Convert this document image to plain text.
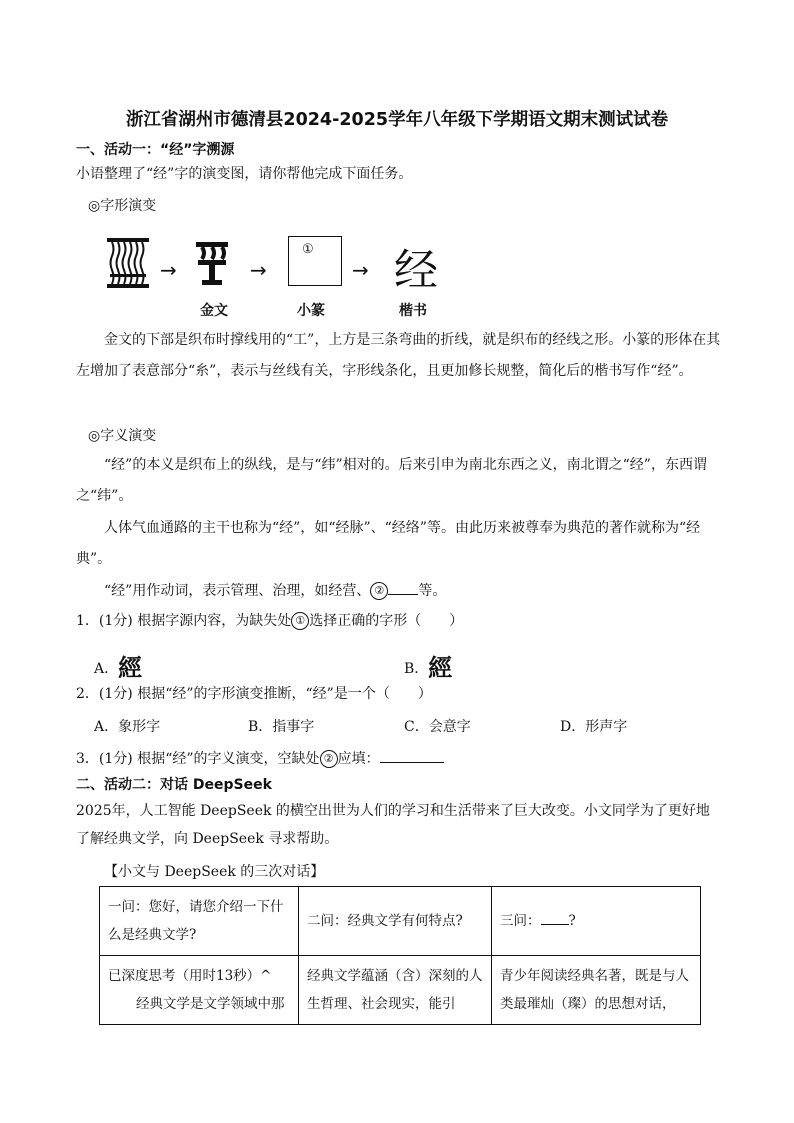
浙江省湖州市德清县2024-2025学年八年级下学期语文期末测试试卷
一、活动一：“经”字溯源
小语整理了“经”字的演变图，请你帮他完成下面任务。
◎字形演变
→	→
①
→ 经
金文	小篆	楷书
金文的下部是织布时撑线用的“工”，上方是三条弯曲的折线，就是织布的经线之形。小篆的形体在其左增加了表意部分“糸”，表示与丝线有关，字形线条化，且更加修长规整，简化后的楷书写作“经”。
◎字义演变
“经”的本义是织布上的纵线，是与“纬”相对的。后来引申为南北东西之义，南北谓之“经”，东西谓之“纬”。
人体气血通路的主干也称为“经”，如“经脉”、“经络”等。由此历来被尊奉为典范的著作就称为“经典”。
“经”用作动词，表示管理、治理，如经营、 ② 等。
1．(1分) 根据字源内容，为缺失处 ① 选择正确的字形（　　）
A．經	B．經
2．(1分) 根据“经”的字形演变推断，“经”是一个（　　）
A．象形字	B．指事字	C．会意字	D．形声字
3．(1分) 根据“经”的字义演变，空缺处 ② 应填：
二、活动二：对话 DeepSeek
2025年，人工智能 DeepSeek 的横空出世为人们的学习和生活带来了巨大改变。小文同学为了更好地了解经典文学，向 DeepSeek 寻求帮助。
【小文与 DeepSeek 的三次对话】
一问：您好，请您介绍一下什么是经典文学?	二问：经典文学有何特点?	三问： ?

已深度思考（用时13秒）^
经典文学是文学领域中那	经典文学蕴涵（含）深刻的人生哲理、社会现实，能引	青少年阅读经典名著，既是与人类最璀灿（璨）的思想对话，
